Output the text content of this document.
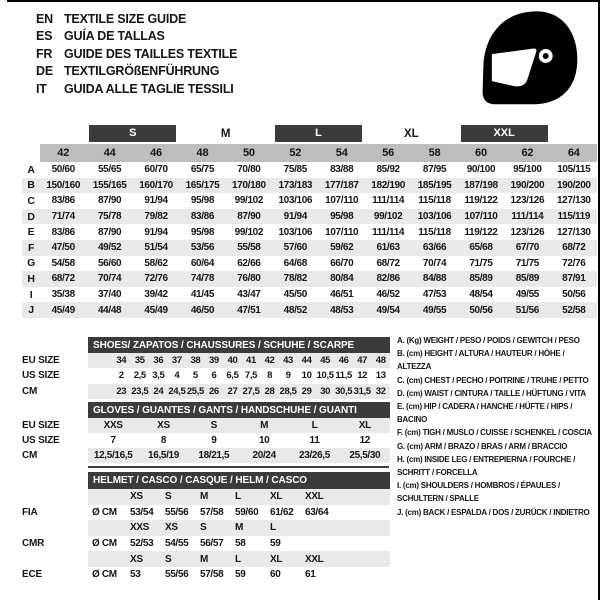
EN TEXTILE SIZE GUIDE
ES GUÍA DE TALLAS
FR GUIDE DES TAILLES TEXTILE
DE TEXTILGRÖßENFÜHRUNG
IT	GUIDA ALLE TAGLIE TESSILI
S	M	L	XL	XXL
42	44	46	48	50	52	54	56	58	60	62	64
A	50/60	55/65	60/70	65/75	70/80	75/85	83/88	85/92	87/95	90/100	95/100	105/115
B	150/160	155/165	160/170	165/175	170/180	173/183	177/187	182/190	185/195	187/198	190/200	190/200
C	83/86	87/90	91/94	95/98	99/102	103/106	107/110	111/114	115/118	119/122	123/126	127/130
D	71/74	75/78	79/82	83/86	87/90	91/94	95/98	99/102	103/106	107/110	111/114	115/119
E	83/86	87/90	91/94	95/98	99/102	103/106	107/110	111/114	115/118	119/122	123/126	127/130
F	47/50	49/52	51/54	53/56	55/58	57/60	59/62	61/63	63/66	65/68	67/70	68/72
G	54/58	56/60	58/62	60/64	62/66	64/68	66/70	68/72	70/74	71/75	71/75	72/76
H	68/72	70/74	72/76	74/78	76/80	78/82	80/84	82/86	84/88	85/89	85/89	87/91
I	35/38	37/40	39/42	41/45	43/47	45/50	46/51	46/52	47/53	48/54	49/55	50/56
J	45/49	44/48	45/49	46/50	47/51	48/52	48/53	49/54	49/55	50/56	51/56	52/58
SHOES/ ZAPATOS / CHAUSSURES / SCHUHE / SCARPE
EU SIZE	34 35 36 37 38 39 40 41 42 43 44 45 46 47 48
US SIZE	2	2,5 3,5	4	5	6	6,5 7,5	8	9	10 10,5 11,5 12 13
CM	23 23,5 24 24,5 25,5 26 27 27,5 28 28,5 29 30 30,5 31,5 32
GLOVES / GUANTES / GANTS / HANDSCHUHE / GUANTI
EU SIZE	XXS	XS	S	M	L	XL
US SIZE	7	8	9	10	11	12
CM	12,5/16,5	16,5/19	18/21,5	20/24	23/26,5	25,5/30
HELMET / CASCO / CASQUE / HELM / CASCO
XS	S	M	L	XL	XXL
FIA	Ø CM	53/54	55/56	57/58	59/60	61/62	63/64
XXS	XS	S	M	L
CMR	Ø CM	52/53	54/55	56/57	58	59
XS	S	M	L	XL	XXL
ECE	Ø CM	53	55/56	57/58	59	60	61
A. (Kg) WEIGHT / PESO / POIDS / GEWITCH / PESO
B. (cm) HEIGHT / ALTURA / HAUTEUR / HÖHE / ALTEZZA
C. (cm) CHEST / PECHO / POITRINE / TRUHE / PETTO
D. (cm) WAIST / CINTURA / TAILLE / HÜFTUNG / VITA
E. (cm) HIP / CADERA / HANCHE / HÜFTE / HIPS / BACINO
F. (cm) TIGH / MUSLO / CUISSE / SCHENKEL / COSCIA
G. (cm) ARM / BRAZO / BRAS / ARM / BRACCIO
H. (cm) INSIDE LEG / ENTREPIERNA / FOURCHE / SCHRITT / FORCELLA
I. (cm) SHOULDERS / HOMBROS / ÉPAULES / SCHULTERN / SPALLE
J. (cm) BACK / ESPALDA / DOS / ZURÜCK / INDIETRO
